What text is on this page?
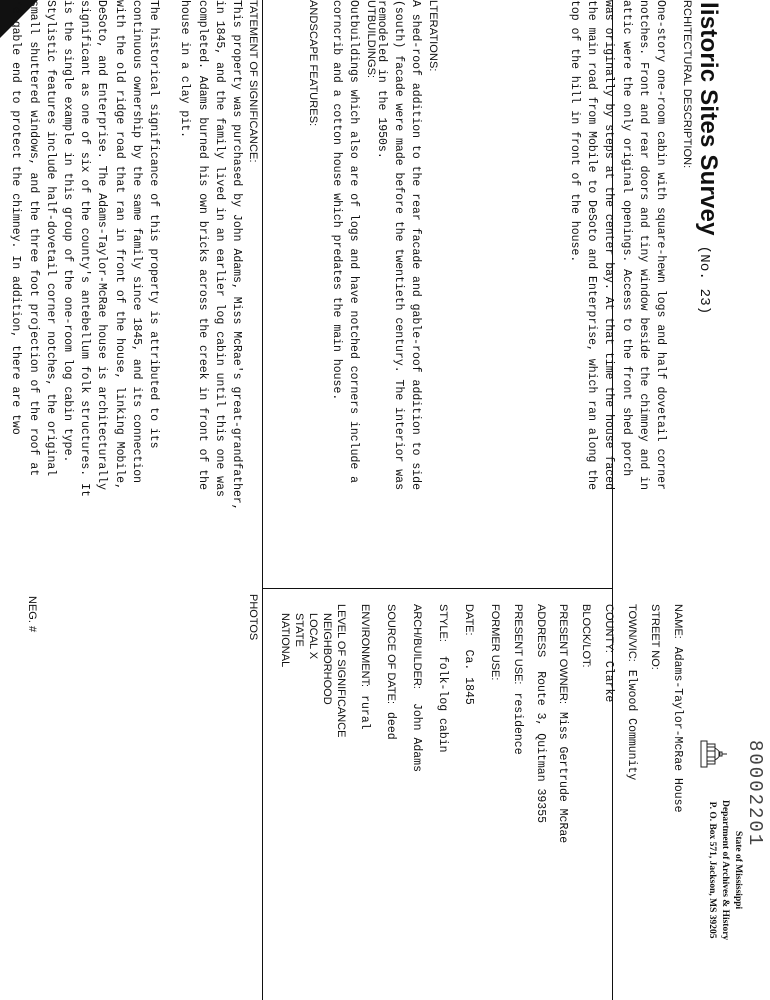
listoric Sites Survey(No. 23)
RCHITECTURAL DESCRIPTION:
One-story one-room cabin with square-hewn logs and half dovetail corner
notches. Front and rear doors and tiny window beside the chimney and in
attic were the only original openings. Access to the front shed porch
was originally by steps at the center bay. At that time the house faced
the main road from Mobile to DeSoto and Enterprise, which ran along the
top of the hill in front of the house.
LTERATIONS:
A shed-roof addition to the rear facade and gable-roof addition to side
(south) facade were made before the twentieth century. The interior was
remodeled in the 1950s.
UTBUILDINGS:
Outbuildings which also are of logs and have notched corners include a
corncrib and a cotton house which predates the main house.
ANDSCAPE FEATURES:
TATEMENT OF SIGNIFICANCE:
This property was purchased by John Adams, Miss McRae's great-grandfather,
in 1845, and the family lived in an earlier log cabin until this one was
completed. Adams burned his own bricks across the creek in front of the
house in a clay pit.
The historical significance of this property is attributed to its
continuous ownership by the same family since 1845, and its connection
with the old ridge road that ran in front of the house, linking Mobile,
DeSoto, and Enterprise. The Adams-Taylor-McRae house is architecturally
significant as one of six of the county's antebellum folk structures. It
is the single example in this group of the one-room log cabin type.
Stylistic features include half-dovetail corner notches, the original
small shuttered windows, and the three foot projection of the roof at
'e gable end to protect the chimney. In addition, there are two
NAME:Adams-Taylor-McRae House
STREET NO:
TOWN/VIC:Elwood Community
COUNTY:Clarke
BLOCK/LOT:
PRESENT OWNER:Miss Gertrude McRae
ADDRESSRoute 3, Quitman 39355
PRESENT USE:residence
FORMER USE:
DATE:Ca. 1845
STYLE:folk-log cabin
ARCH/BUILDER:John Adams
SOURCE OF DATE:deed
ENVIRONMENT:rural
LEVEL OF SIGNIFICANCE
NEIGHBORHOOD
LOCAL X
STATE
NATIONAL
PHOTOS
NEG. #
State of Mississippi
Department of Archives & History
P. O. Box 571, Jackson, MS 39205
80002201
